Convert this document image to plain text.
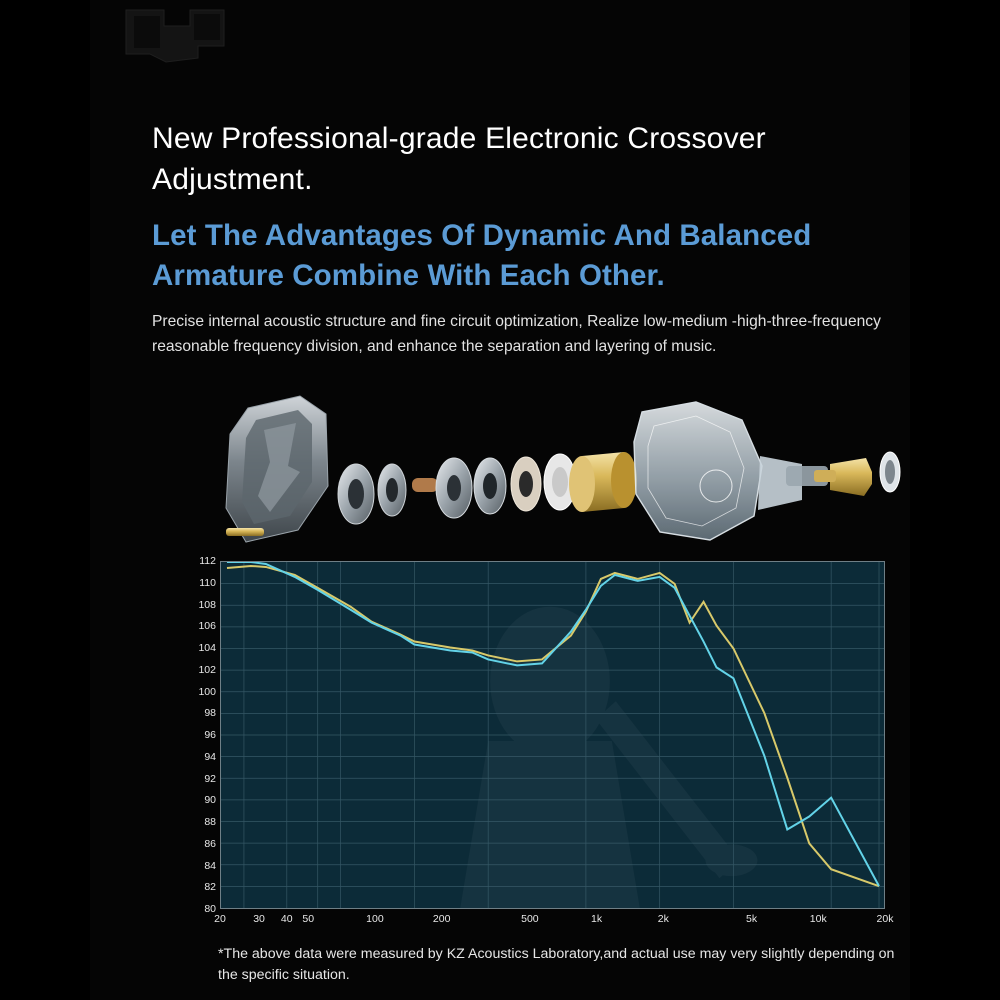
New Professional-grade Electronic Crossover Adjustment.
Let The Advantages Of Dynamic And Balanced Armature Combine With Each Other.
Precise internal acoustic structure and fine circuit optimization, Realize low-medium -high-three-frequency reasonable frequency division, and enhance the separation and layering of music.
112
110
108
106
104
102
100
98
96
94
92
90
88
86
84
82
80
20	30 40 50	100	200	500	1k	2k	5k	10k	20k
*The above data were measured by KZ Acoustics Laboratory,and actual use may very slightly depending on the specific situation.
